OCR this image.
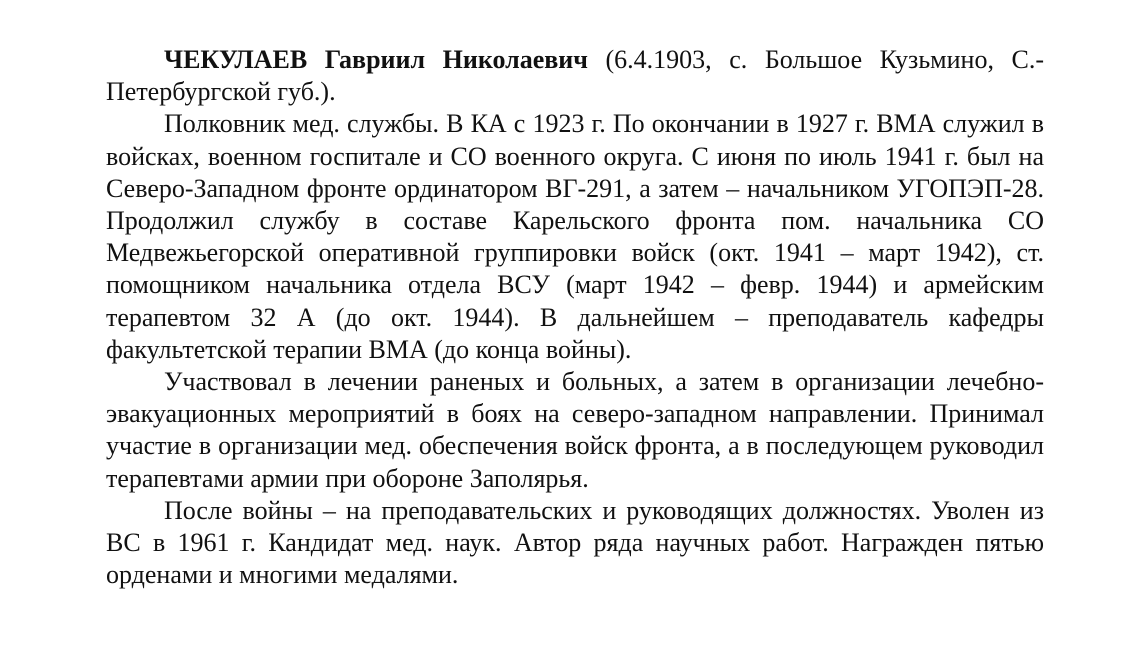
ЧЕКУЛАЕВ Гавриил Николаевич (6.4.1903, с. Большое Кузьмино, С.-Петербургской губ.).

Полковник мед. службы. В КА с 1923 г. По окончании в 1927 г. ВМА служил в войсках, военном госпитале и СО военного округа. С июня по июль 1941 г. был на Северо-Западном фронте ординатором ВГ-291, а затем – начальником УГОПЭП-28. Продолжил службу в составе Карельского фронта пом. начальника СО Медвежьегорской оперативной группировки войск (окт. 1941 – март 1942), ст. помощником начальника отдела ВСУ (март 1942 – февр. 1944) и армейским терапевтом 32 А (до окт. 1944). В дальнейшем – преподаватель кафедры факультетской терапии ВМА (до конца войны).

Участвовал в лечении раненых и больных, а затем в организации лечебно-эвакуационных мероприятий в боях на северо-западном направлении. Принимал участие в организации мед. обеспечения войск фронта, а в последующем руководил терапевтами армии при обороне Заполярья.

После войны – на преподавательских и руководящих должностях. Уволен из ВС в 1961 г. Кандидат мед. наук. Автор ряда научных работ. Награжден пятью орденами и многими медалями.
